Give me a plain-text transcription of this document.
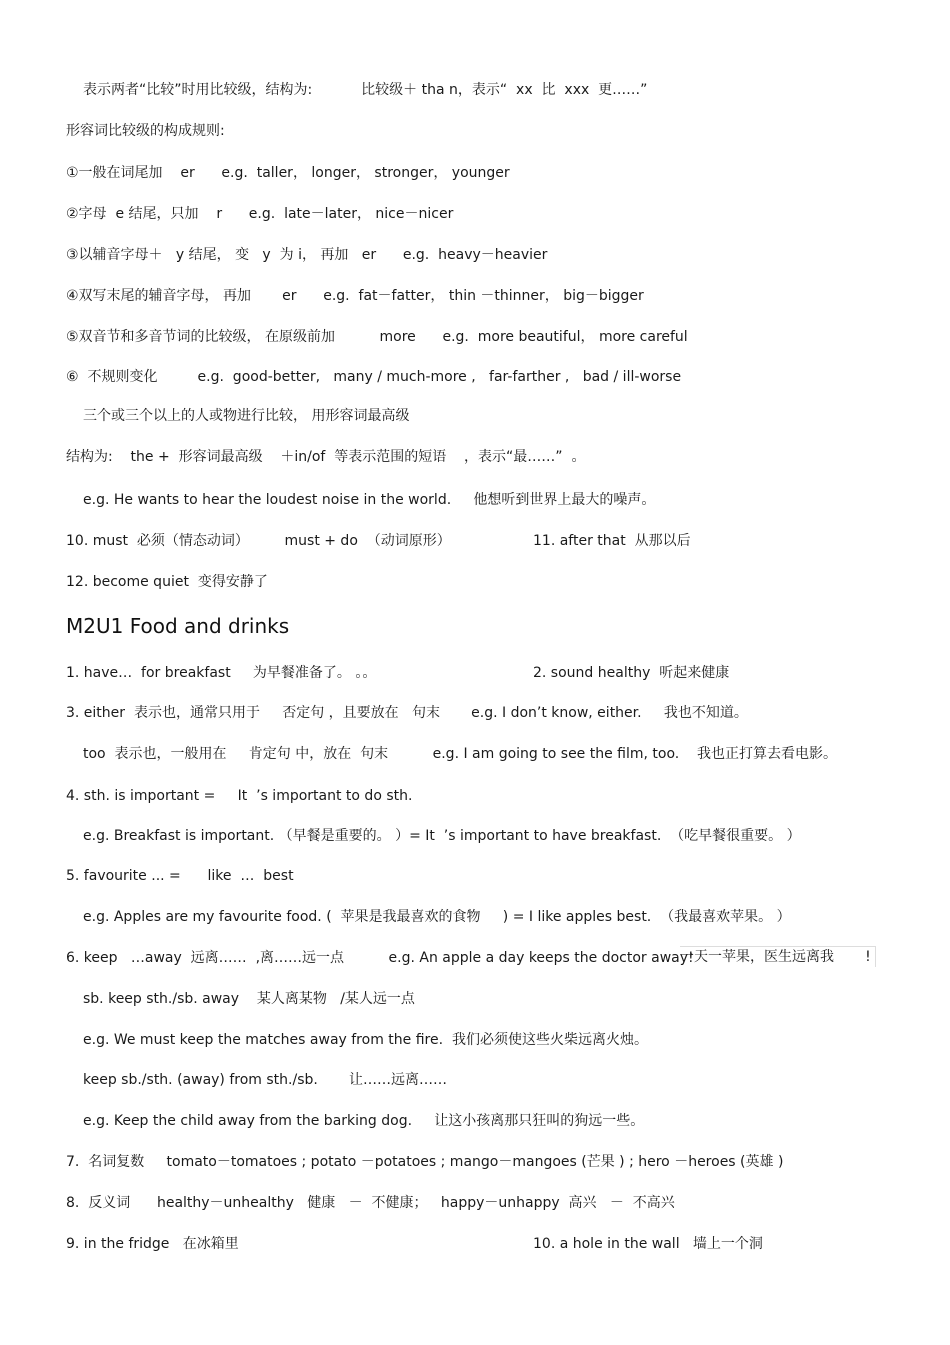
表示两者“比较”时用比较级，结构为:           比较级＋ tha n，表示“  xx  比  xxx  更……”
形容词比较级的构成规则:
①一般在词尾加    er      e.g.  taller， longer， stronger， younger
②字母  e 结尾，只加    r      e.g.  late－later， nice－nicer
③以辅音字母＋   y 结尾， 变   y  为 i， 再加   er      e.g.  heavy－heavier
④双写末尾的辅音字母， 再加       er      e.g.  fat－fatter， thin －thinner， big－bigger
⑤双音节和多音节词的比较级， 在原级前加          more      e.g.  more beautiful， more careful
⑥  不规则变化         e.g.  good-better,   many / much-more ,   far-farther ,   bad / ill-worse
三个或三个以上的人或物进行比较， 用形容词最高级
结构为:    the +  形容词最高级    ＋in/of  等表示范围的短语    ，表示“最……”  。
e.g. He wants to hear the loudest noise in the world.     他想听到世界上最大的噪声。
10. must  必须（情态动词）        must + do  （动词原形）	11. after that  从那以后
12. become quiet  变得安静了
M2U1 Food and drinks
1. have…  for breakfast     为早餐准备了。 。。	2. sound healthy  听起来健康
3. either  表示也，通常只用于     否定句 ，且要放在   句末       e.g. I don’t know, either.     我也不知道。
too  表示也，一般用在     肯定句 中，放在  句末          e.g. I am going to see the film, too.    我也正打算去看电影。
4. sth. is important =     It  ’s important to do sth.
e.g. Breakfast is important. （早餐是重要的。 ）= It  ’s important to have breakfast.  （吃早餐很重要。 ）
5. favourite ... =      like  …  best
e.g. Apples are my favourite food. (  苹果是我最喜欢的食物     ) = I like apples best.  （我最喜欢苹果。 ）
6. keep   …away  远离……  ,离……远一点          e.g. An apple a day keeps the doctor away!
一天一苹果，医生远离我       !
sb. keep sth./sb. away    某人离某物   /某人远一点
e.g. We must keep the matches away from the fire.  我们必须使这些火柴远离火烛。
keep sb./sth. (away) from sth./sb.       让……远离……
e.g. Keep the child away from the barking dog.     让这小孩离那只狂叫的狗远一些。
7.  名词复数     tomato－tomatoes ; potato －potatoes ; mango－mangoes (芒果 ) ; hero －heroes (英雄 )
8.  反义词      healthy－unhealthy   健康   －  不健康；   happy－unhappy  高兴   －  不高兴
9. in the fridge   在冰箱里	10. a hole in the wall   墙上一个洞
